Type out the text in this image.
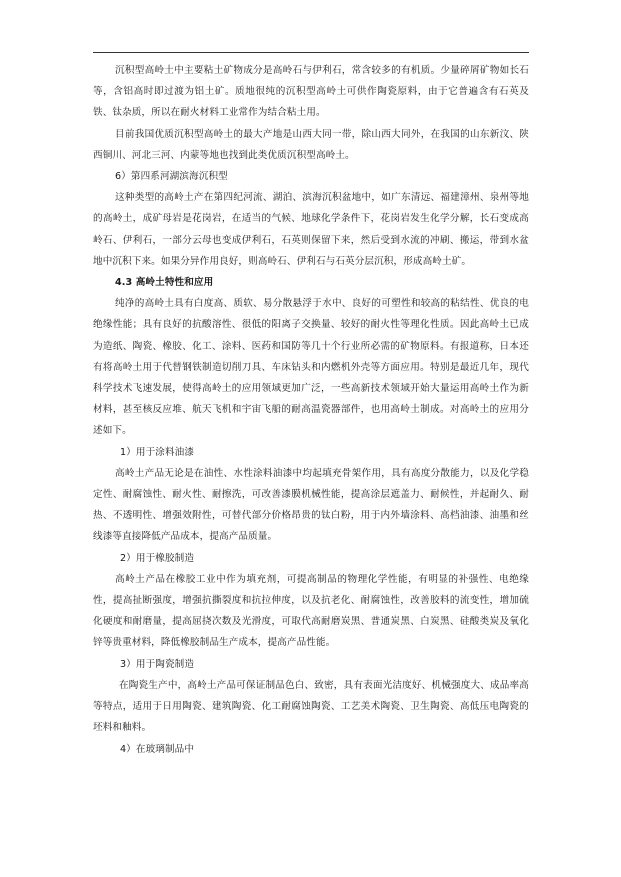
沉积型高岭土中主要粘土矿物成分是高岭石与伊利石，常含较多的有机质。少量碎屑矿物如长石等，含铝高时即过渡为铝土矿。质地很纯的沉积型高岭土可供作陶瓷原料，由于它普遍含有石英及铁、钛杂质，所以在耐火材料工业常作为结合粘土用。

目前我国优质沉积型高岭土的最大产地是山西大同一带，除山西大同外，在我国的山东新汶、陕西铜川、河北三河、内蒙等地也找到此类优质沉积型高岭土。

6）第四系河湖滨海沉积型

这种类型的高岭土产在第四纪河流、湖泊、滨海沉积盆地中，如广东清远、福建漳州、泉州等地的高岭土，成矿母岩是花岗岩，在适当的气候、地球化学条件下，花岗岩发生化学分解，长石变成高岭石、伊利石，一部分云母也变成伊利石，石英则保留下来，然后受到水流的冲刷、搬运，带到水盆地中沉积下来。如果分异作用良好，则高岭石、伊利石与石英分层沉积，形成高岭土矿。

4.3 高岭土特性和应用

纯净的高岭土具有白度高、质软、易分散悬浮于水中、良好的可塑性和较高的粘结性、优良的电绝缘性能；具有良好的抗酸溶性、很低的阳离子交换量、较好的耐火性等理化性质。因此高岭土已成为造纸、陶瓷、橡胶、化工、涂料、医药和国防等几十个行业所必需的矿物原料。有报道称，日本还有将高岭土用于代替钢铁制造切削刀具、车床钻头和内燃机外壳等方面应用。特别是最近几年，现代科学技术飞速发展，使得高岭土的应用领域更加广泛，一些高新技术领域开始大量运用高岭土作为新材料，甚至核反应堆、航天飞机和宇宙飞船的耐高温瓷器部件，也用高岭土制成。对高岭土的应用分述如下。

1）用于涂料油漆

高岭土产品无论是在油性、水性涂料油漆中均起填充骨架作用，具有高度分散能力，以及化学稳定性、耐腐蚀性、耐火性、耐擦洗，可改善漆膜机械性能，提高涂层遮盖力、耐候性，并起耐久、耐热、不透明性、增强效附性，可替代部分价格昂贵的钛白粉，用于内外墙涂料、高档油漆、油墨和丝线漆等直接降低产品成本，提高产品质量。

2）用于橡胶制造

高岭土产品在橡胶工业中作为填充剂，可提高制品的物理化学性能，有明显的补强性、电绝缘性，提高扯断强度，增强抗撕裂度和抗拉伸度，以及抗老化、耐腐蚀性，改善胶料的流变性，增加硫化硬度和耐磨量，提高屈挠次数及光滑度，可取代高耐磨炭黑、普通炭黑、白炭黑、硅酸类炭及氧化锌等贵重材料，降低橡胶制品生产成本，提高产品性能。

3）用于陶瓷制造

在陶瓷生产中，高岭土产品可保证制品色白、致密，具有表面光洁度好、机械强度大、成品率高等特点，适用于日用陶瓷、建筑陶瓷、化工耐腐蚀陶瓷、工艺美术陶瓷、卫生陶瓷、高低压电陶瓷的坯料和釉料。

4）在玻璃制品中
